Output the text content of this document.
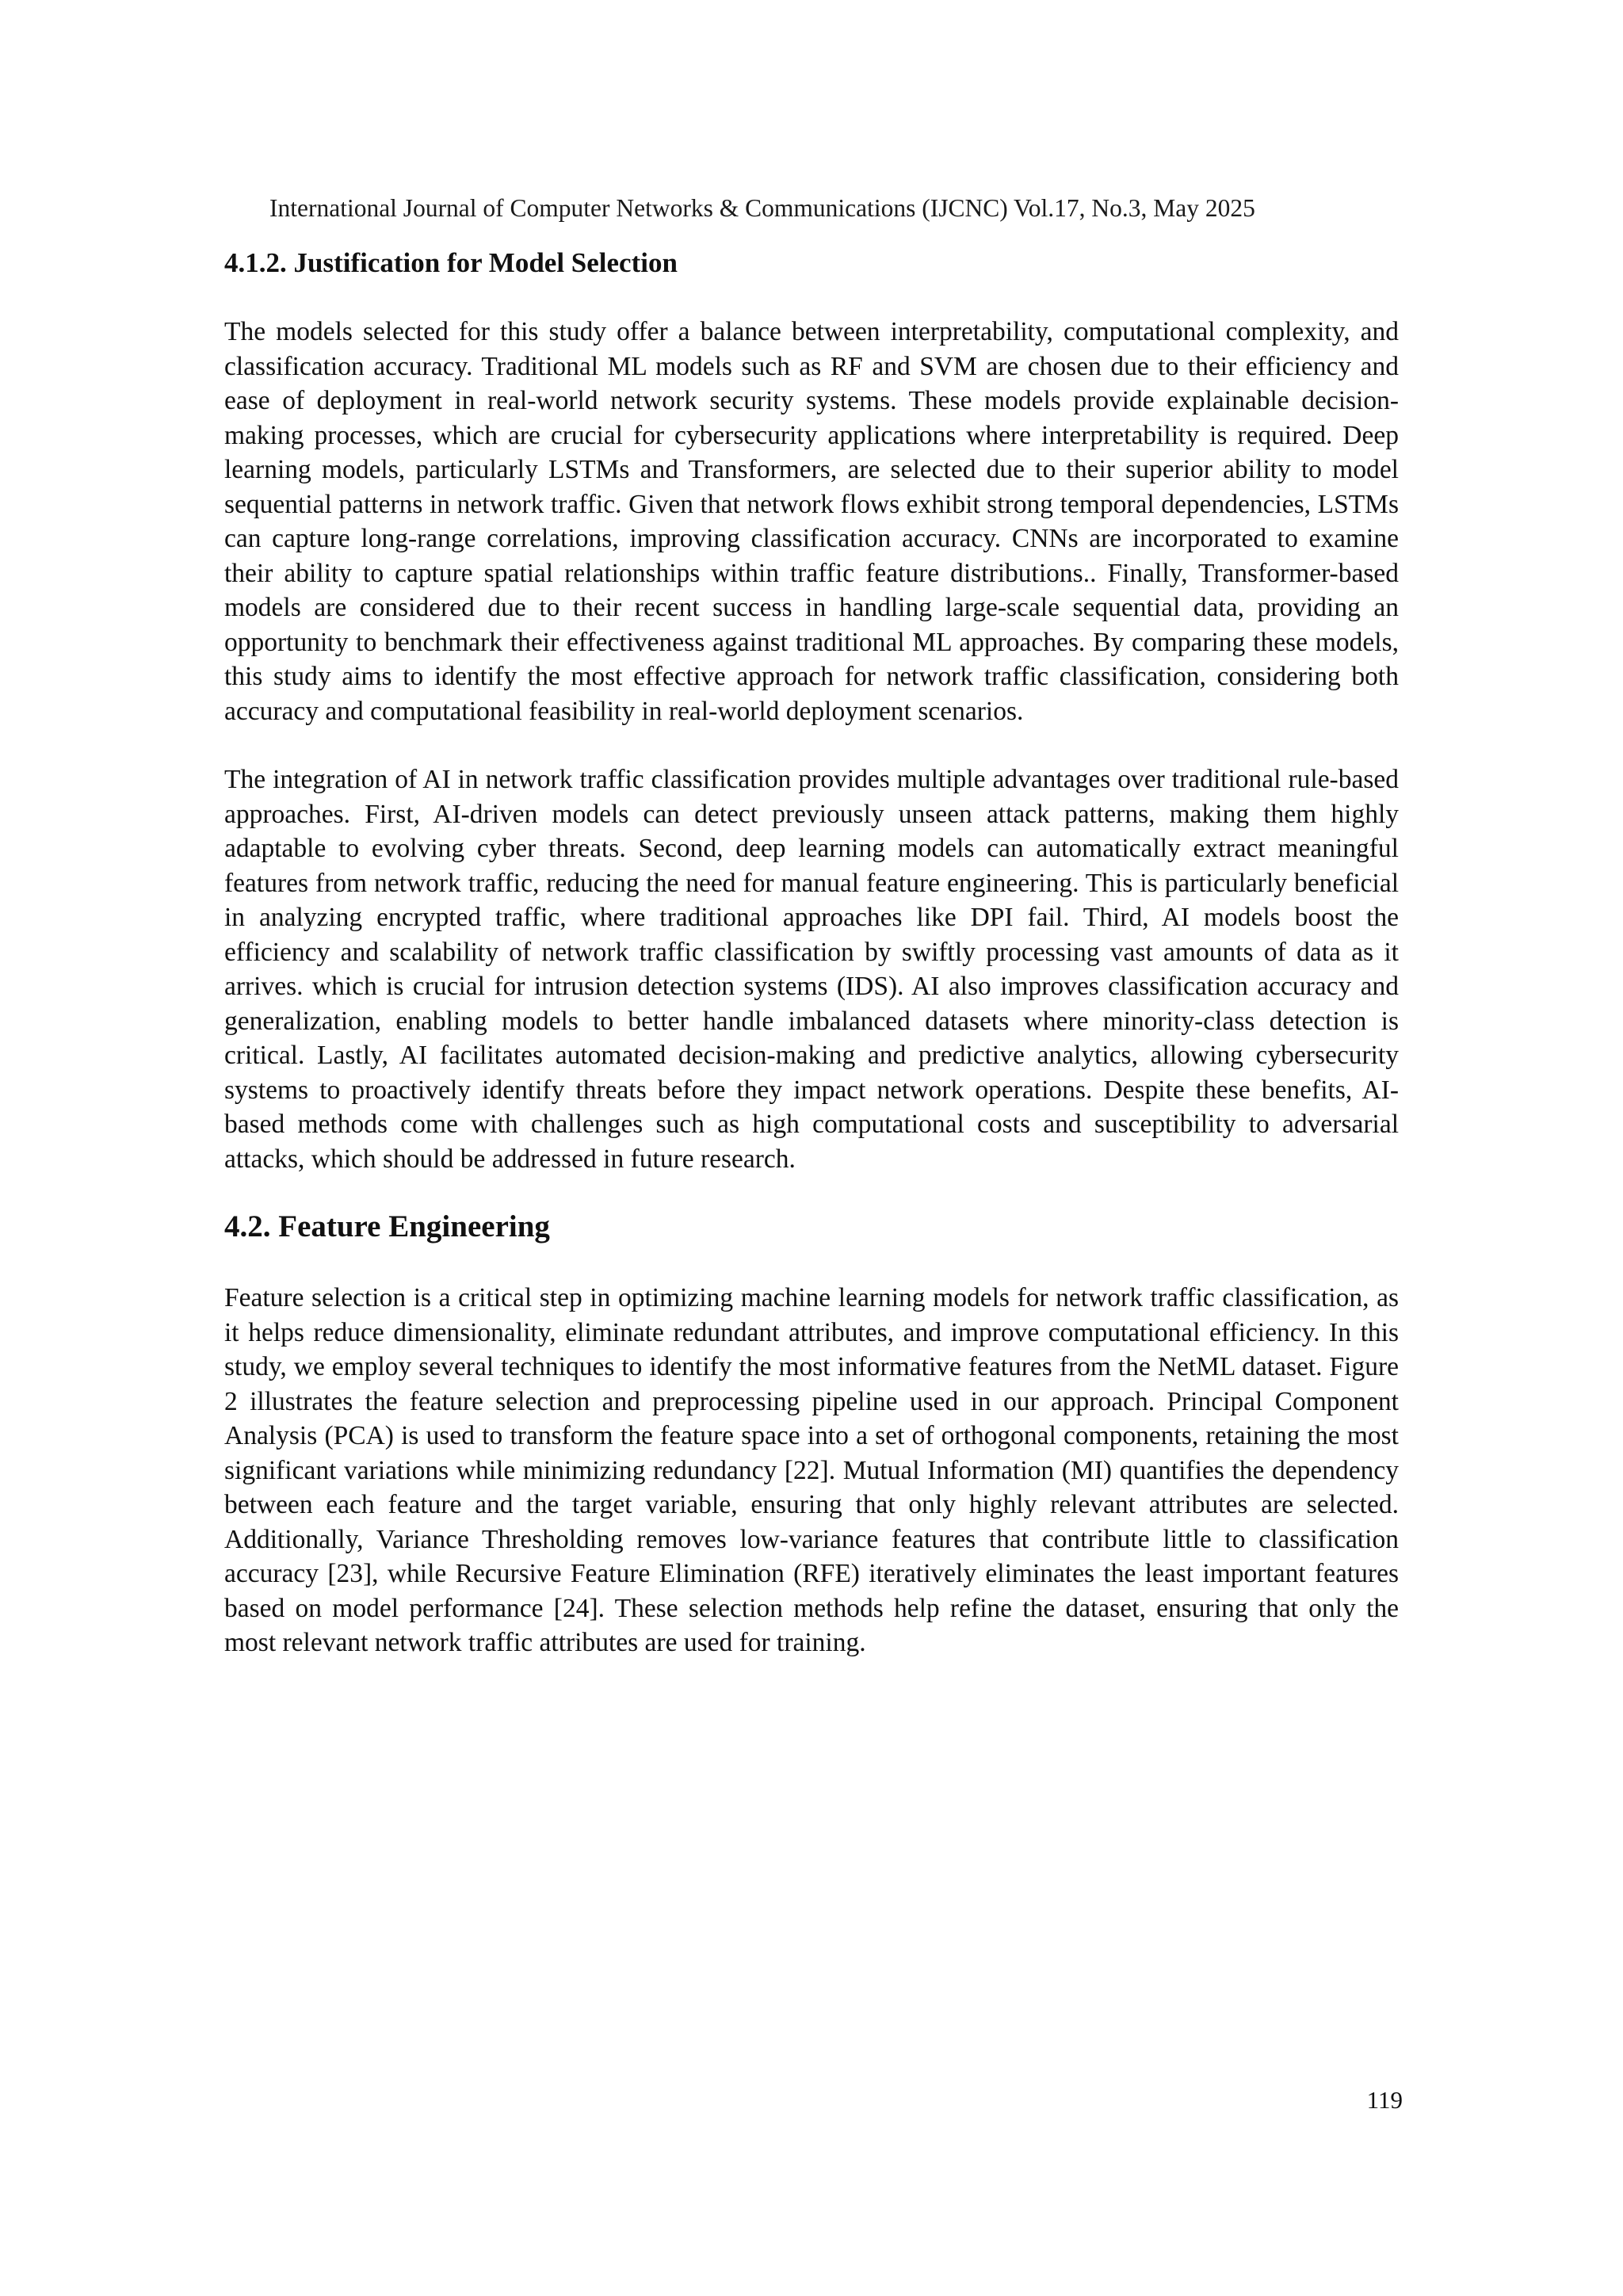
International Journal of Computer Networks & Communications (IJCNC) Vol.17, No.3, May 2025
4.1.2. Justification for Model Selection

The models selected for this study offer a balance between interpretability, computational complexity, and classification accuracy. Traditional ML models such as RF and SVM are chosen due to their efficiency and ease of deployment in real-world network security systems. These models provide explainable decision-making processes, which are crucial for cybersecurity applications where interpretability is required. Deep learning models, particularly LSTMs and Transformers, are selected due to their superior ability to model sequential patterns in network traffic. Given that network flows exhibit strong temporal dependencies, LSTMs can capture long-range correlations, improving classification accuracy. CNNs are incorporated to examine their ability to capture spatial relationships within traffic feature distributions.. Finally, Transformer-based models are considered due to their recent success in handling large-scale sequential data, providing an opportunity to benchmark their effectiveness against traditional ML approaches. By comparing these models, this study aims to identify the most effective approach for network traffic classification, considering both accuracy and computational feasibility in real-world deployment scenarios.

The integration of AI in network traffic classification provides multiple advantages over traditional rule-based approaches. First, AI-driven models can detect previously unseen attack patterns, making them highly adaptable to evolving cyber threats. Second, deep learning models can automatically extract meaningful features from network traffic, reducing the need for manual feature engineering. This is particularly beneficial in analyzing encrypted traffic, where traditional approaches like DPI fail. Third, AI models boost the efficiency and scalability of network traffic classification by swiftly processing vast amounts of data as it arrives. which is crucial for intrusion detection systems (IDS). AI also improves classification accuracy and generalization, enabling models to better handle imbalanced datasets where minority-class detection is critical. Lastly, AI facilitates automated decision-making and predictive analytics, allowing cybersecurity systems to proactively identify threats before they impact network operations. Despite these benefits, AI-based methods come with challenges such as high computational costs and susceptibility to adversarial attacks, which should be addressed in future research.

4.2. Feature Engineering

Feature selection is a critical step in optimizing machine learning models for network traffic classification, as it helps reduce dimensionality, eliminate redundant attributes, and improve computational efficiency. In this study, we employ several techniques to identify the most informative features from the NetML dataset. Figure 2 illustrates the feature selection and preprocessing pipeline used in our approach. Principal Component Analysis (PCA) is used to transform the feature space into a set of orthogonal components, retaining the most significant variations while minimizing redundancy [22]. Mutual Information (MI) quantifies the dependency between each feature and the target variable, ensuring that only highly relevant attributes are selected. Additionally, Variance Thresholding removes low-variance features that contribute little to classification accuracy [23], while Recursive Feature Elimination (RFE) iteratively eliminates the least important features based on model performance [24]. These selection methods help refine the dataset, ensuring that only the most relevant network traffic attributes are used for training.

119
